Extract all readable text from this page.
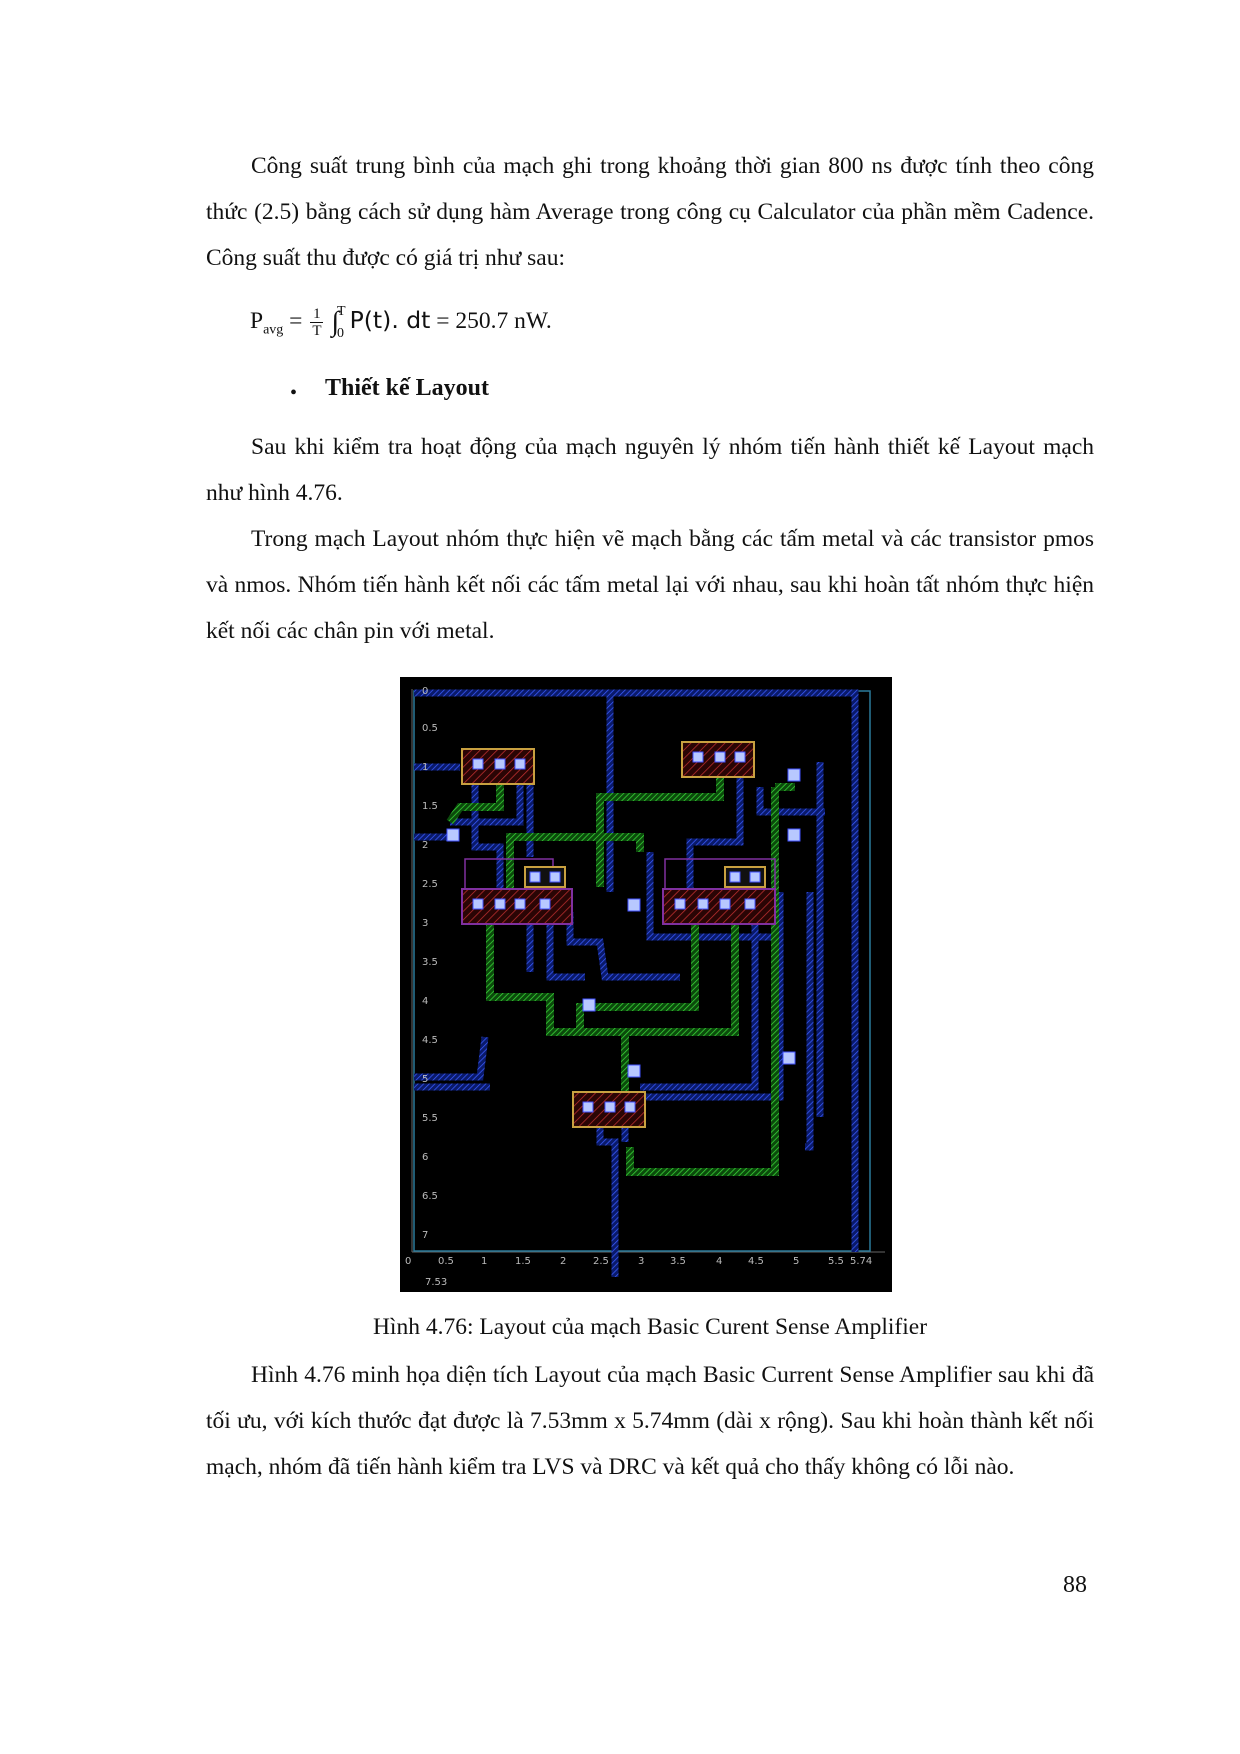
Công suất trung bình của mạch ghi trong khoảng thời gian 800 ns được tính theo công thức (2.5) bằng cách sử dụng hàm Average trong công cụ Calculator của phần mềm Cadence. Công suất thu được có giá trị như sau:

$P_{avg} = \frac{1}{T}$ ∫
T
0 P(t). dt = 250.7 nW.
• Thiết kế Layout

Sau khi kiểm tra hoạt động của mạch nguyên lý nhóm tiến hành thiết kế Layout mạch như hình 4.76.

Trong mạch Layout nhóm thực hiện vẽ mạch bằng các tấm metal và các transistor pmos và nmos. Nhóm tiến hành kết nối các tấm metal lại với nhau, sau khi hoàn tất nhóm thực hiện kết nối các chân pin với metal.

0
0.5
1
1.5
2
2.5
3
3.5
4
4.5
5
5.5
6
6.5
7
0	0.5	1	1.5	2	2.5	3	3.5	4	4.5	5	5.5 5.74
7.53
Hình 4.76: Layout của mạch Basic Curent Sense Amplifier

Hình 4.76 minh họa diện tích Layout của mạch Basic Current Sense Amplifier sau khi đã tối ưu, với kích thước đạt được là 7.53mm x 5.74mm (dài x rộng). Sau khi hoàn thành kết nối mạch, nhóm đã tiến hành kiểm tra LVS và DRC và kết quả cho thấy không có lỗi nào.

88
